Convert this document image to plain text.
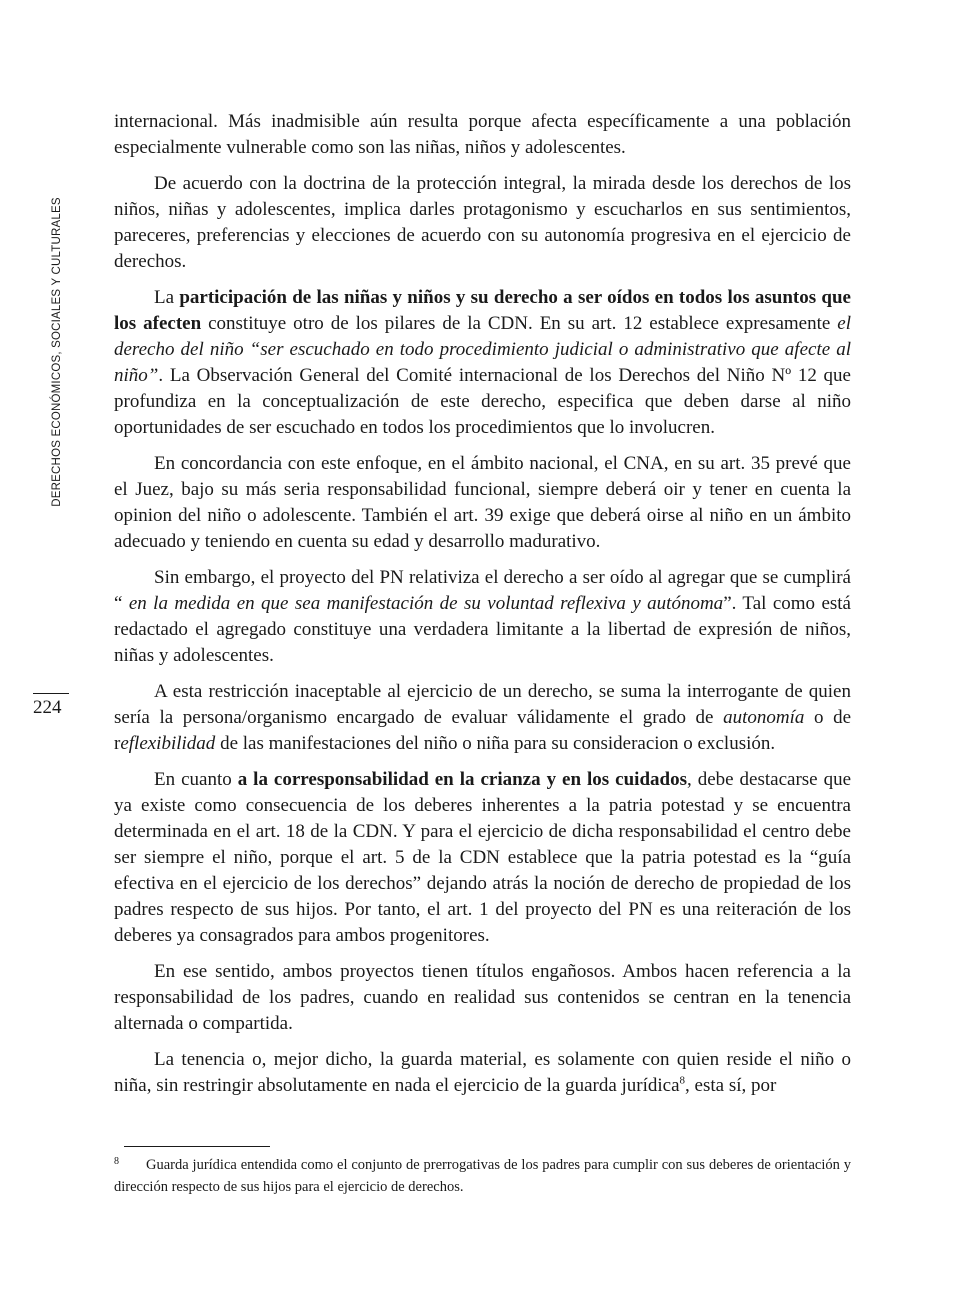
DERECHOS ECONÓMICOS, SOCIALES Y CULTURALES
224

internacional. Más inadmisible aún resulta porque afecta específicamente a una población especialmente vulnerable como son las niñas, niños y adolescentes.

De acuerdo con la doctrina de la protección integral, la mirada desde los derechos de los niños, niñas y adolescentes, implica darles protagonismo y escucharlos en sus sentimientos, pareceres, preferencias y elecciones de acuerdo con su autonomía progresiva en el ejercicio de derechos.

La participación de las niñas y niños y su derecho a ser oídos en todos los asuntos que los afecten constituye otro de los pilares de la CDN. En su art. 12 establece expresamente el derecho del niño “ser escuchado en todo procedimiento judicial o administrativo que afecte al niño”. La Observación General del Comité internacional de los Derechos del Niño Nº 12 que profundiza en la conceptualización de este derecho, especifica que deben darse al niño oportunidades de ser escuchado en todos los procedimientos que lo involucren.

En concordancia con este enfoque, en el ámbito nacional, el CNA, en su art. 35 prevé que el Juez, bajo su más seria responsabilidad funcional, siempre deberá oir y tener en cuenta la opinion del niño o adolescente. También el art. 39 exige que deberá oirse al niño en un ámbito adecuado y teniendo en cuenta su edad y desarrollo madurativo.

Sin embargo, el proyecto del PN relativiza el derecho a ser oído al agregar que se cumplirá “ en la medida en que sea manifestación de su voluntad reflexiva y autónoma”. Tal como está redactado el agregado constituye una verdadera limitante a la libertad de expresión de niños, niñas y adolescentes.

A esta restricción inaceptable al ejercicio de un derecho, se suma la interrogante de quien sería la persona/organismo encargado de evaluar válidamente el grado de autonomía o de reflexibilidad de las manifestaciones del niño o niña para su consideracion o exclusión.

En cuanto a la corresponsabilidad en la crianza y en los cuidados, debe destacarse que ya existe como consecuencia de los deberes inherentes a la patria potestad y se encuentra determinada en el art. 18 de la CDN. Y para el ejercicio de dicha responsabilidad el centro debe ser siempre el niño, porque el art. 5 de la CDN establece que la patria potestad es la “guía efectiva en el ejercicio de los derechos” dejando atrás la noción de derecho de propiedad de los padres respecto de sus hijos. Por tanto, el art. 1 del proyecto del PN es una reiteración de los deberes ya consagrados para ambos progenitores.

En ese sentido, ambos proyectos tienen títulos engañosos. Ambos hacen referencia a la responsabilidad de los padres, cuando en realidad sus contenidos se centran en la tenencia alternada o compartida.

La tenencia o, mejor dicho, la guarda material, es solamente con quien reside el niño o niña, sin restringir absolutamente en nada el ejercicio de la guarda jurídica$^8$, esta sí, por

8 Guarda jurídica entendida como el conjunto de prerrogativas de los padres para cumplir con sus deberes de orientación y dirección respecto de sus hijos para el ejercicio de derechos.
